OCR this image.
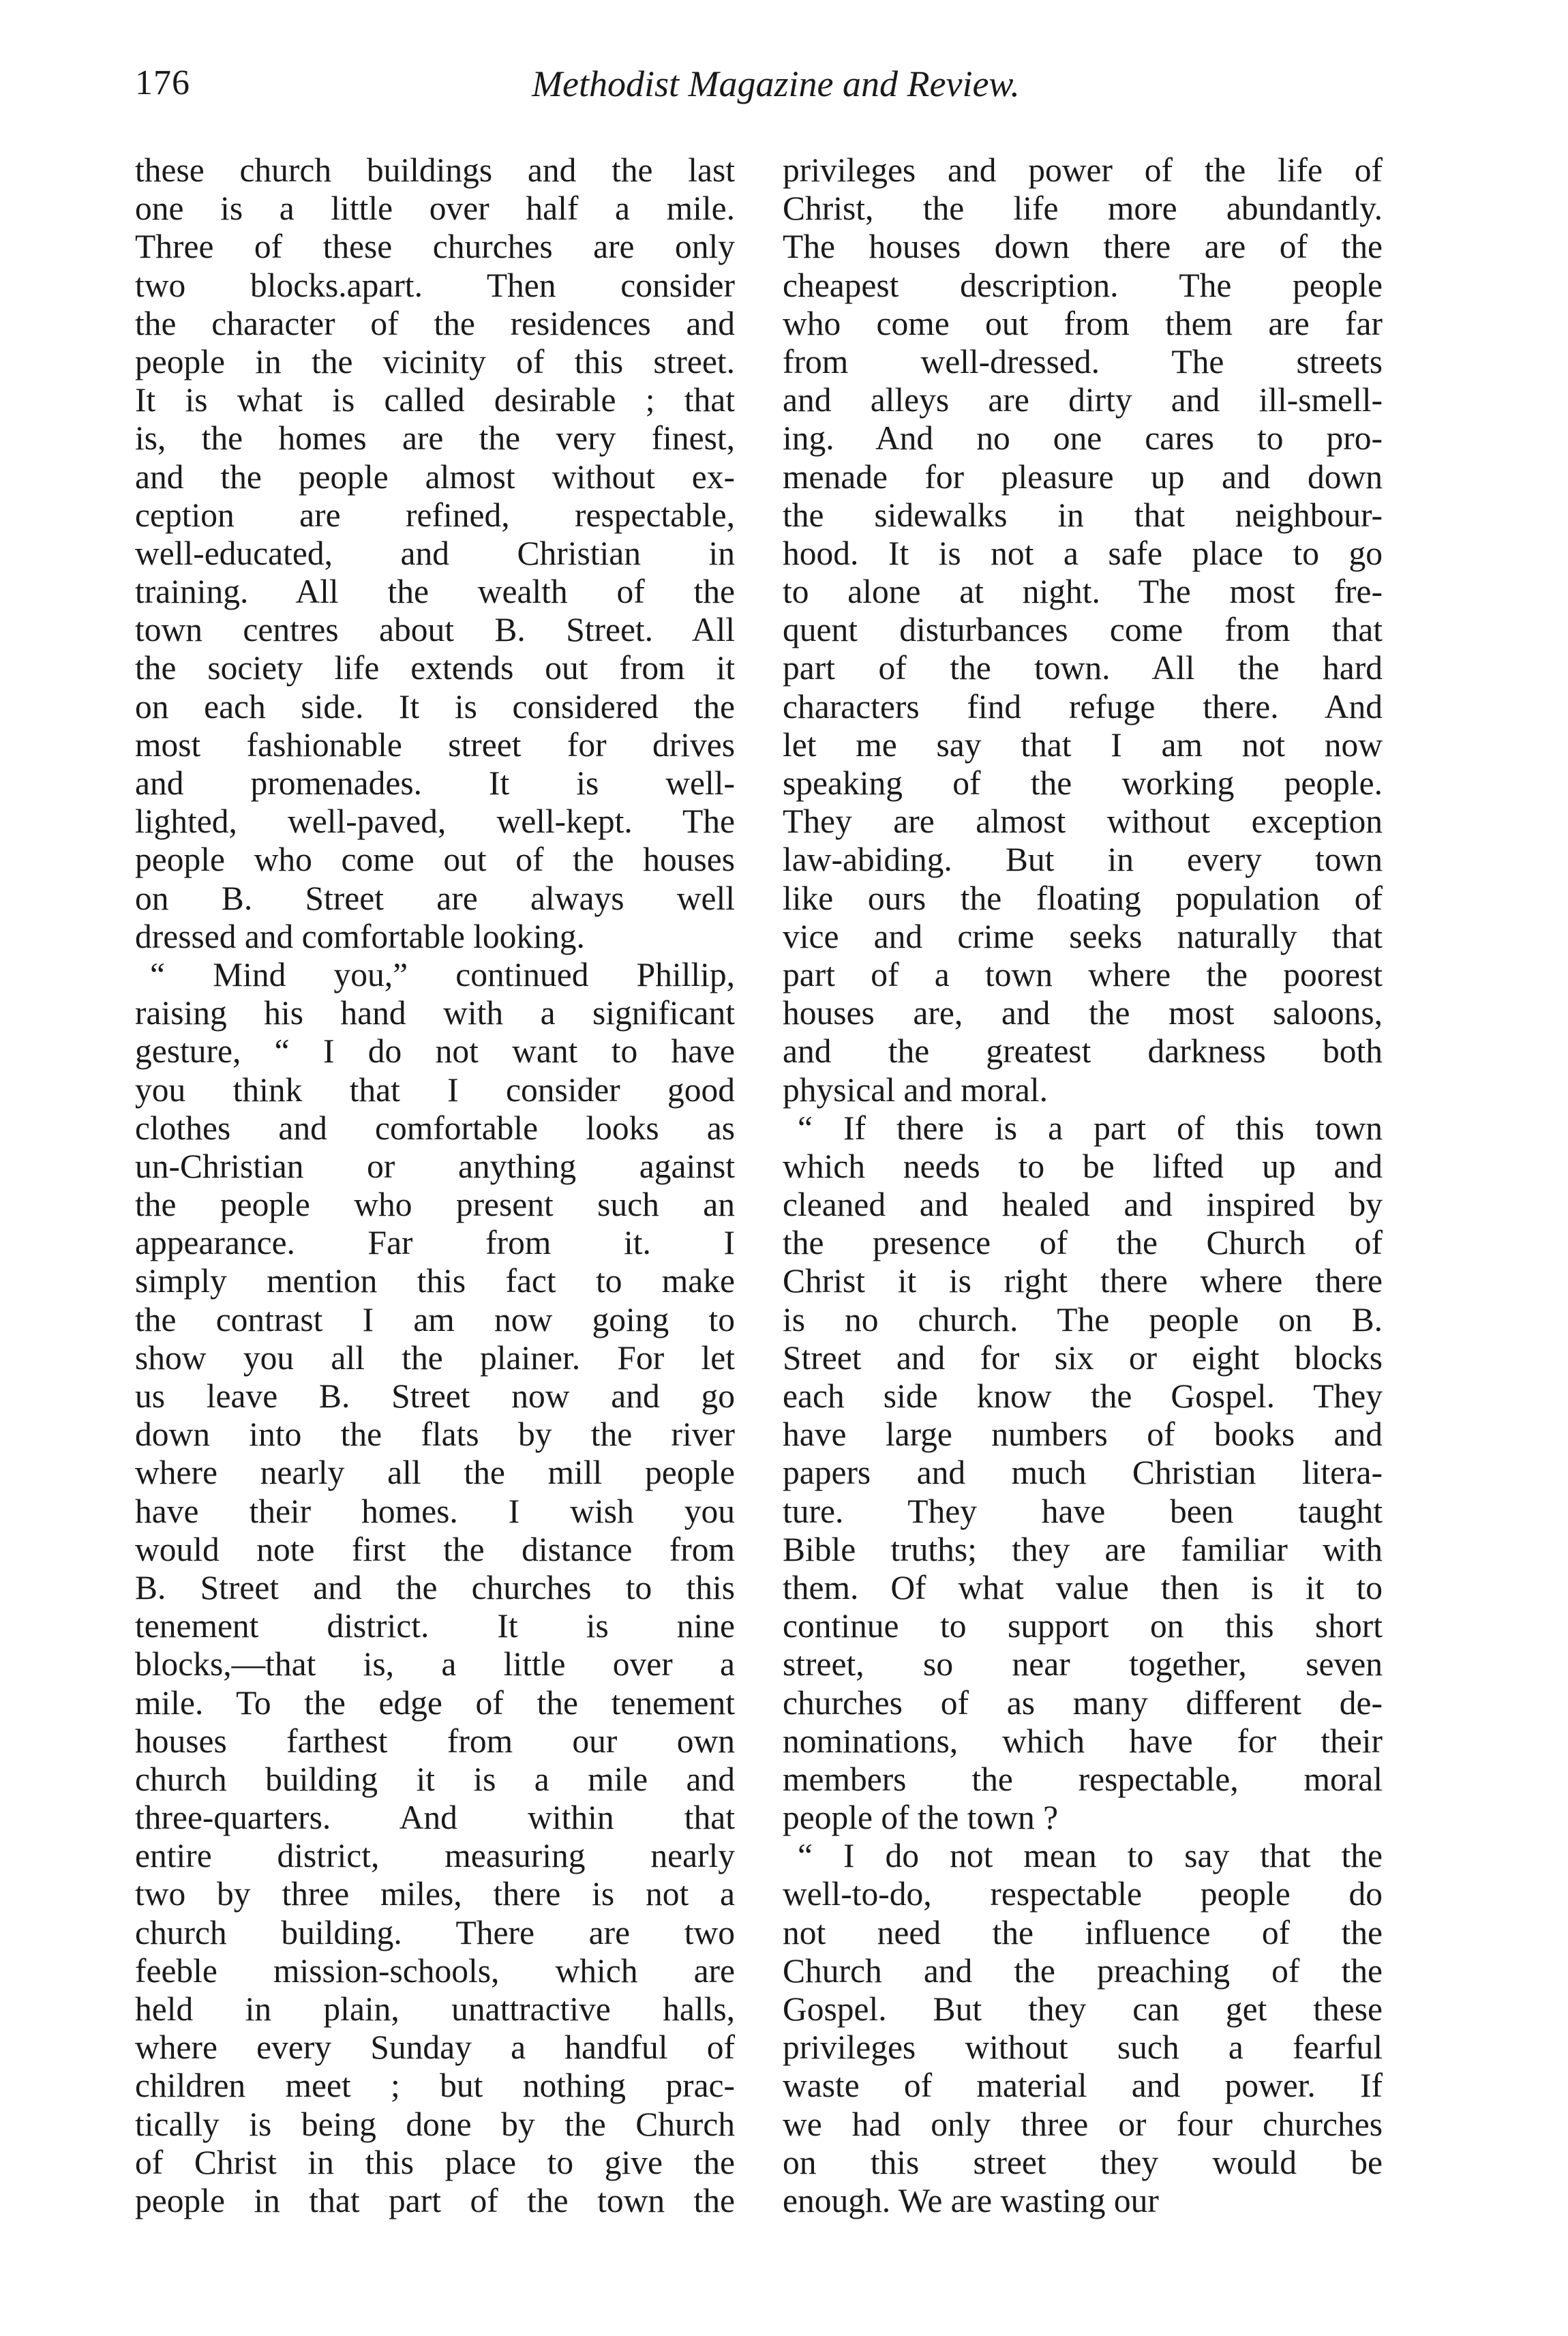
176	Methodist Magazine and Review.
these church buildings and the last
one is a little over half a mile.
Three of these churches are only
two blocks.apart. Then consider
the character of the residences and
people in the vicinity of this street.
It is what is called desirable ; that
is, the homes are the very finest,
and the people almost without ex-
ception are refined, respectable,
well-educated, and Christian in
training. All the wealth of the
town centres about B. Street. All
the society life extends out from it
on each side. It is considered the
most fashionable street for drives
and promenades. It is well-
lighted, well-paved, well-kept. The
people who come out of the houses
on B. Street are always well
dressed and comfortable looking.
“ Mind you,” continued Phillip,
raising his hand with a significant
gesture, “ I do not want to have
you think that I consider good
clothes and comfortable looks as
un-Christian or anything against
the people who present such an
appearance. Far from it. I
simply mention this fact to make
the contrast I am now going to
show you all the plainer. For let
us leave B. Street now and go
down into the flats by the river
where nearly all the mill people
have their homes. I wish you
would note first the distance from
B. Street and the churches to this
tenement district. It is nine
blocks,—that is, a little over a
mile. To the edge of the tenement
houses farthest from our own
church building it is a mile and
three-quarters. And within that
entire district, measuring nearly
two by three miles, there is not a
church building. There are two
feeble mission-schools, which are
held in plain, unattractive halls,
where every Sunday a handful of
children meet ; but nothing prac-
tically is being done by the Church
of Christ in this place to give the
people in that part of the town the
privileges and power of the life of
Christ, the life more abundantly.
The houses down there are of the
cheapest description. The people
who come out from them are far
from well-dressed. The streets
and alleys are dirty and ill-smell-
ing. And no one cares to pro-
menade for pleasure up and down
the sidewalks in that neighbour-
hood. It is not a safe place to go
to alone at night. The most fre-
quent disturbances come from that
part of the town. All the hard
characters find refuge there. And
let me say that I am not now
speaking of the working people.
They are almost without exception
law-abiding. But in every town
like ours the floating population of
vice and crime seeks naturally that
part of a town where the poorest
houses are, and the most saloons,
and the greatest darkness both
physical and moral.
“ If there is a part of this town
which needs to be lifted up and
cleaned and healed and inspired by
the presence of the Church of
Christ it is right there where there
is no church. The people on B.
Street and for six or eight blocks
each side know the Gospel. They
have large numbers of books and
papers and much Christian litera-
ture. They have been taught
Bible truths; they are familiar with
them. Of what value then is it to
continue to support on this short
street, so near together, seven
churches of as many different de-
nominations, which have for their
members the respectable, moral
people of the town ?
“ I do not mean to say that the
well-to-do, respectable people do
not need the influence of the
Church and the preaching of the
Gospel. But they can get these
privileges without such a fearful
waste of material and power. If
we had only three or four churches
on this street they would be
enough. We are wasting our
